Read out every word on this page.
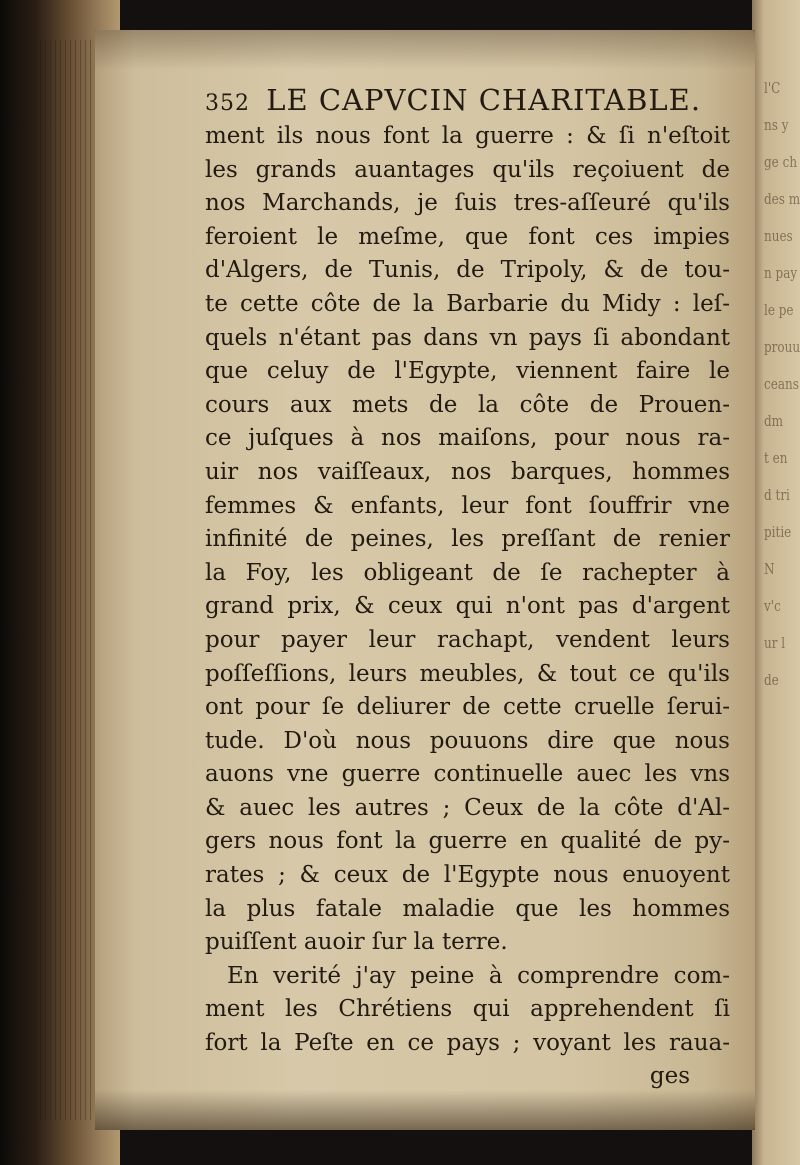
l'C
ns y
ge ch
des m
nues
n pay
le pe
prouu
ceans
dm
t en
d tri
pitie
N
v'c
ur l
de
352 LE CAPVCIN CHARITABLE.
ment ils nous font la guerre : & ſi n'eſtoit
les grands auantages qu'ils reçoiuent de
nos Marchands, je ſuis tres-aſſeuré qu'ils
feroient le meſme, que font ces impies
d'Algers, de Tunis, de Tripoly, & de tou-
te cette côte de la Barbarie du Midy : leſ-
quels n'étant pas dans vn pays ſi abondant
que celuy de l'Egypte, viennent faire le
cours aux mets de la côte de Prouen-
ce juſques à nos maiſons, pour nous ra-
uir nos vaiſſeaux, nos barques, hommes
femmes & enfants, leur font ſouffrir vne
infinité de peines, les preſſant de renier
la Foy, les obligeant de ſe rachepter à
grand prix, & ceux qui n'ont pas d'argent
pour payer leur rachapt, vendent leurs
poſſeſſions, leurs meubles, & tout ce qu'ils
ont pour ſe deliurer de cette cruelle ſerui-
tude. D'où nous pouuons dire que nous
auons vne guerre continuelle auec les vns
& auec les autres ; Ceux de la côte d'Al-
gers nous font la guerre en qualité de py-
rates ; & ceux de l'Egypte nous enuoyent
la plus fatale maladie que les hommes
puiſſent auoir ſur la terre.
En verité j'ay peine à comprendre com-
ment les Chrétiens qui apprehendent ſi
fort la Peſte en ce pays ; voyant les raua-
ges
